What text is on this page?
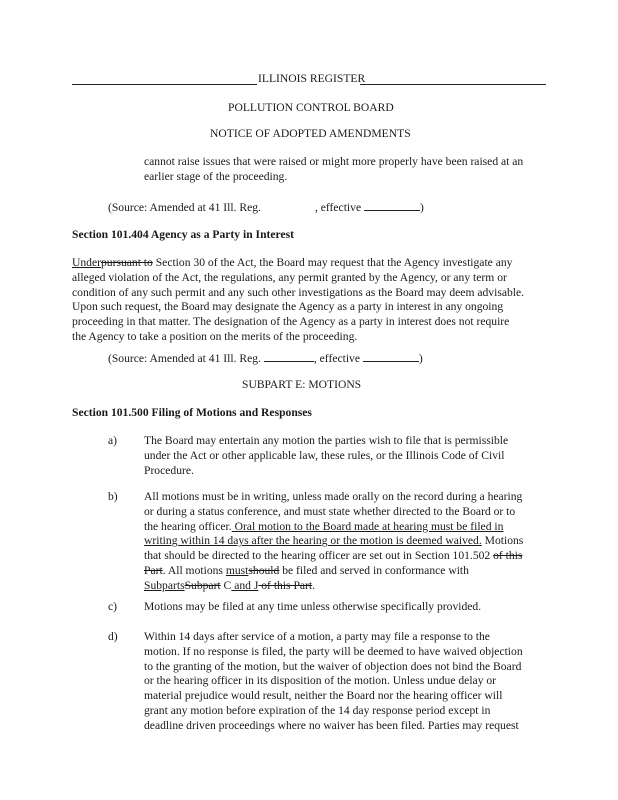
ILLINOIS REGISTER
POLLUTION CONTROL BOARD
NOTICE OF ADOPTED AMENDMENTS
cannot raise issues that were raised or might more properly have been raised at an
earlier stage of the proceeding.
(Source: Amended at 41 Ill. Reg.	, effective	)
Section 101.404 Agency as a Party in Interest
Underpursuant to Section 30 of the Act, the Board may request that the Agency investigate any
alleged violation of the Act, the regulations, any permit granted by the Agency, or any term or
condition of any such permit and any such other investigations as the Board may deem advisable.
Upon such request, the Board may designate the Agency as a party in interest in any ongoing
proceeding in that matter. The designation of the Agency as a party in interest does not require
the Agency to take a position on the merits of the proceeding.
(Source: Amended at 41 Ill. Reg.	, effective	)
SUBPART E: MOTIONS
Section 101.500 Filing of Motions and Responses
a) The Board may entertain any motion the parties wish to file that is permissible
under the Act or other applicable law, these rules, or the Illinois Code of Civil
Procedure.
b) All motions must be in writing, unless made orally on the record during a hearing
or during a status conference, and must state whether directed to the Board or to
the hearing officer. Oral motion to the Board made at hearing must be filed in
writing within 14 days after the hearing or the motion is deemed waived. Motions
that should be directed to the hearing officer are set out in Section 101.502 of this
Part. All motions mustshould be filed and served in conformance with
SubpartsSubpart C and J of this Part.
c) Motions may be filed at any time unless otherwise specifically provided.
d) Within 14 days after service of a motion, a party may file a response to the
motion. If no response is filed, the party will be deemed to have waived objection
to the granting of the motion, but the waiver of objection does not bind the Board
or the hearing officer in its disposition of the motion. Unless undue delay or
material prejudice would result, neither the Board nor the hearing officer will
grant any motion before expiration of the 14 day response period except in
deadline driven proceedings where no waiver has been filed. Parties may request
